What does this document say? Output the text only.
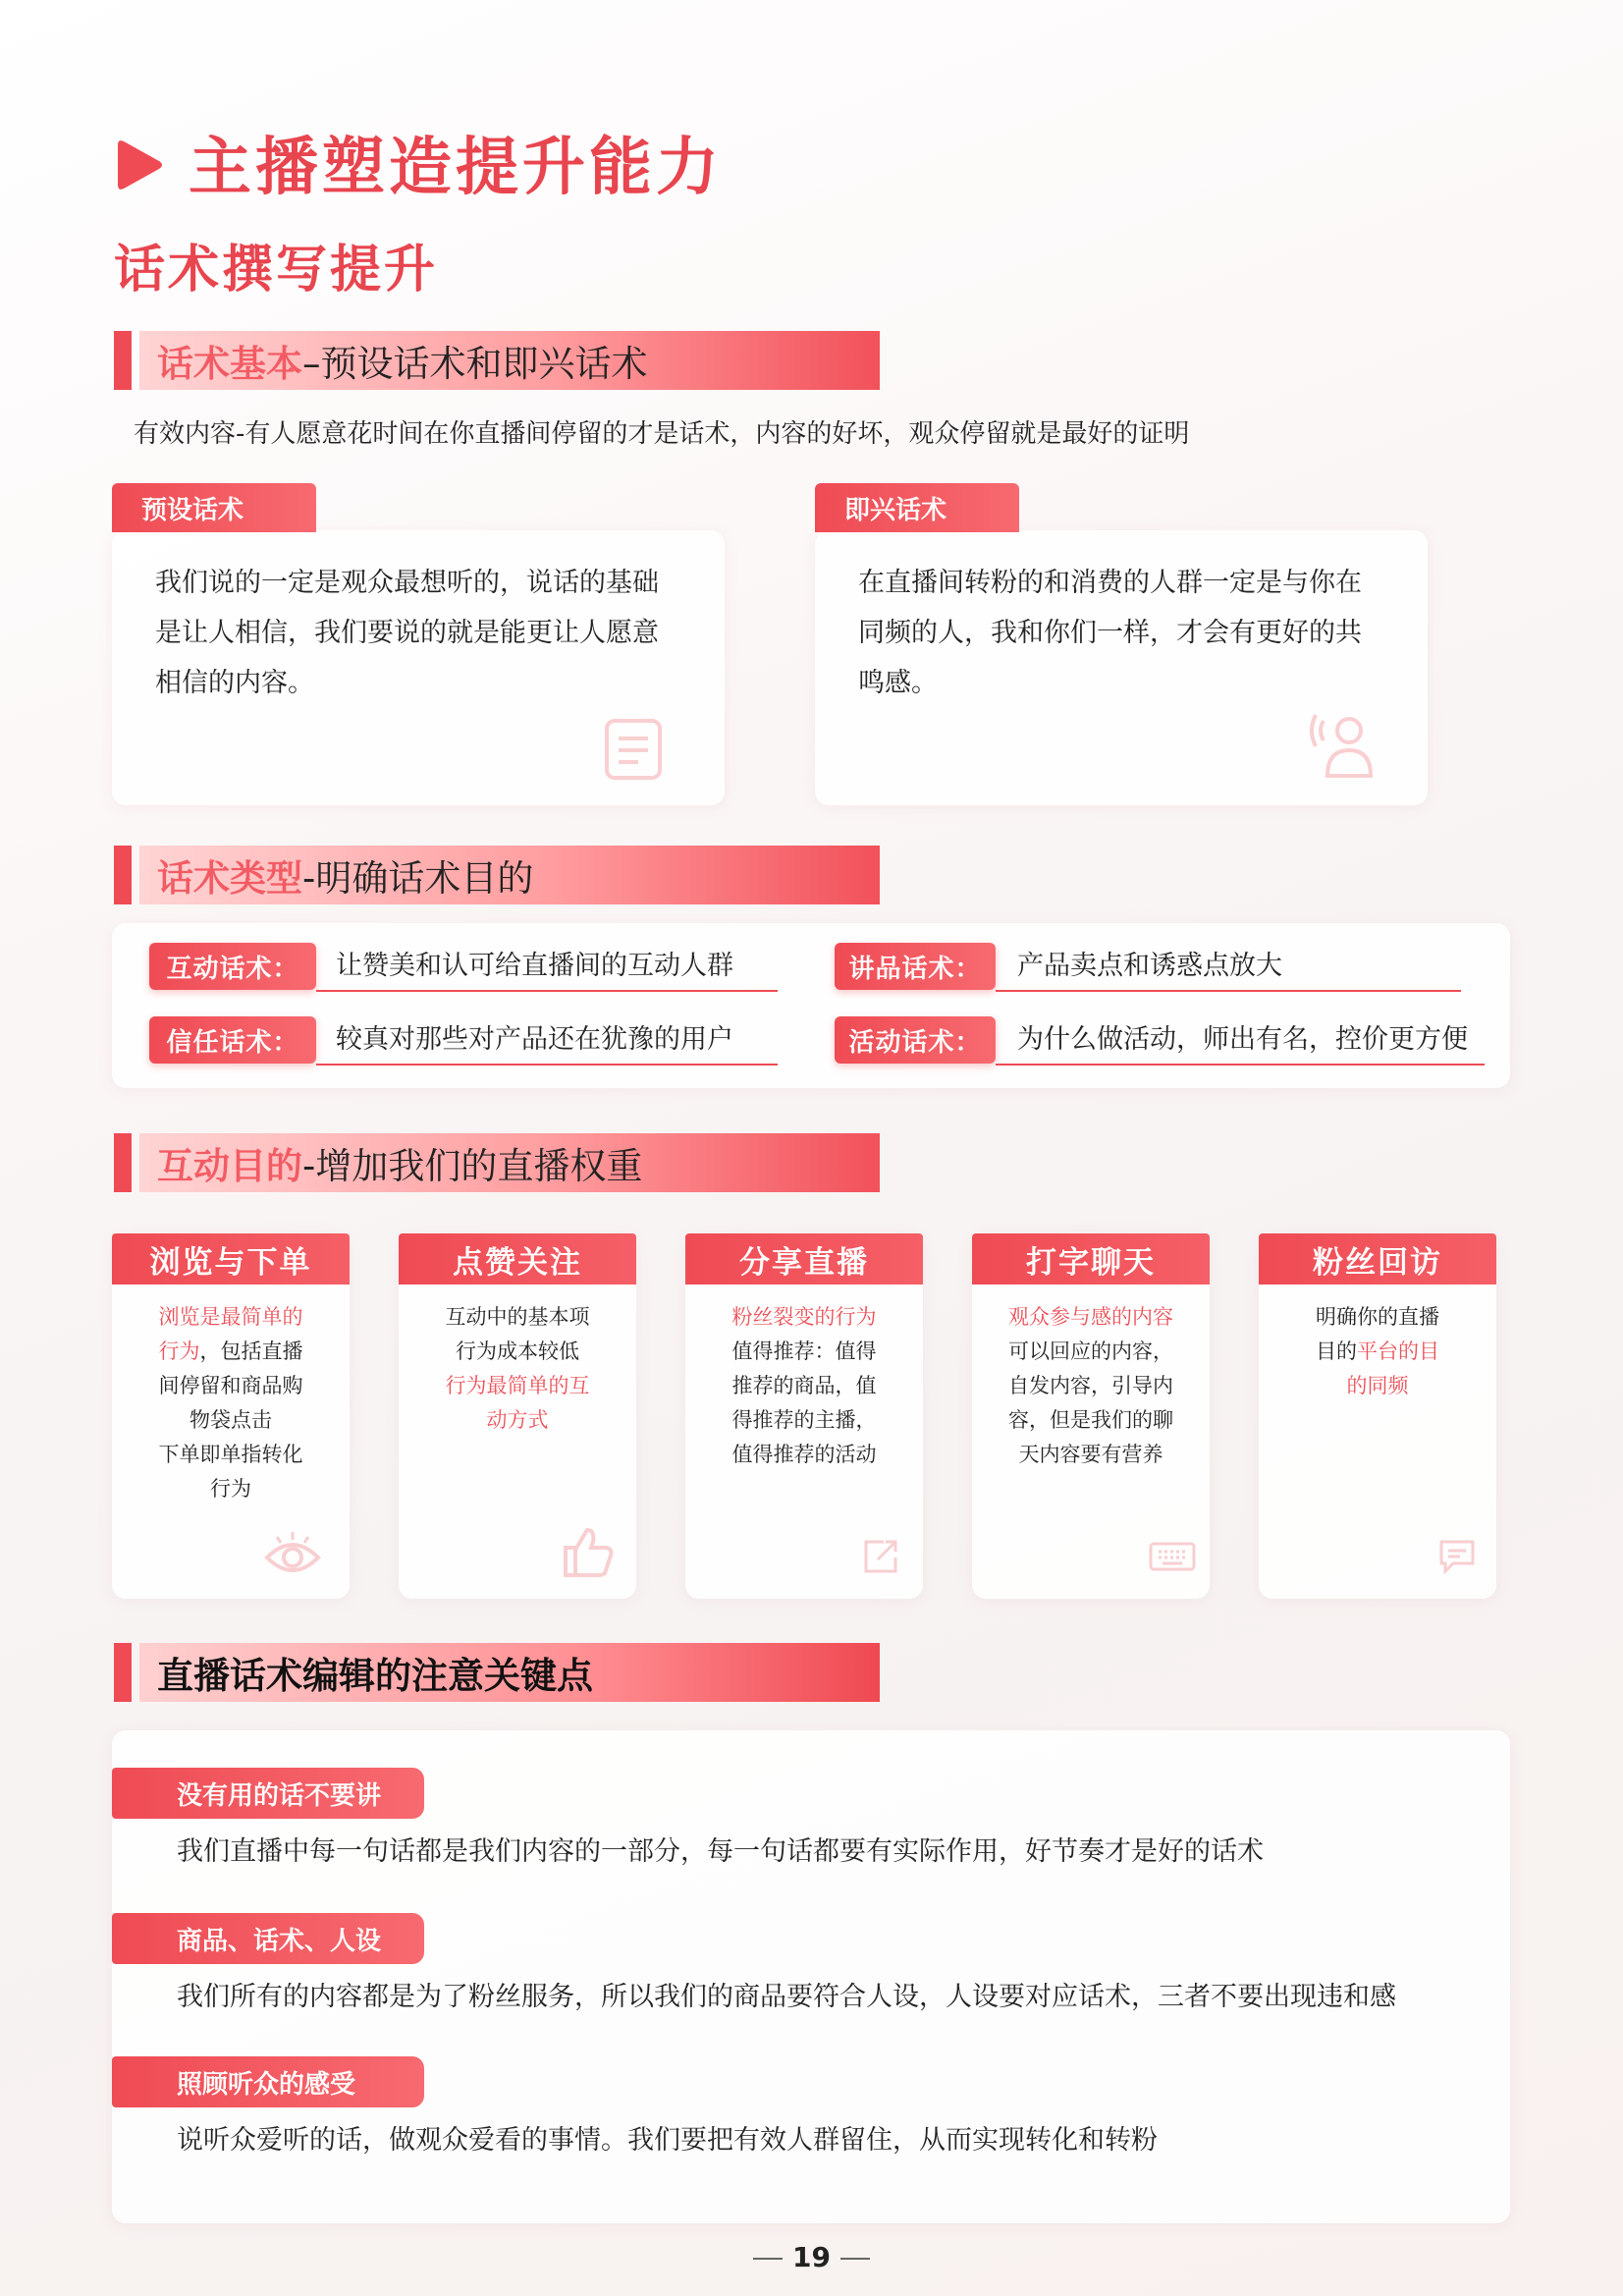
主播塑造提升能力
话术撰写提升
话术基本 –预设话术和即兴话术
有效内容-有人愿意花时间在你直播间停留的才是话术，内容的好坏，观众停留就是最好的证明
预设话术
我们说的一定是观众最想听的，说话的基础
是让人相信，我们要说的就是能更让人愿意
相信的内容。
即兴话术
在直播间转粉的和消费的人群一定是与你在
同频的人，我和你们一样，才会有更好的共
鸣感。
话术类型 -明确话术目的
互动话术：	让赞美和认可给直播间的互动人群	讲品话术：	产品卖点和诱惑点放大
信任话术：	较真对那些对产品还在犹豫的用户	活动话术：	为什么做活动，师出有名，控价更方便
互动目的 -增加我们的直播权重
浏览与下单
浏览是最简单的
行为，包括直播
间停留和商品购
物袋点击
下单即单指转化
行为
点赞关注
互动中的基本项
行为成本较低
行为最简单的互
动方式
分享直播
粉丝裂变的行为
值得推荐：值得
推荐的商品，值
得推荐的主播，
值得推荐的活动
打字聊天
观众参与感的内容
可以回应的内容，
自发内容，引导内
容，但是我们的聊
天内容要有营养
粉丝回访
明确你的直播
目的平台的目
的同频
直播话术编辑的注意关键点
没有用的话不要讲
我们直播中每一句话都是我们内容的一部分，每一句话都要有实际作用，好节奏才是好的话术
商品、话术、人设
我们所有的内容都是为了粉丝服务，所以我们的商品要符合人设，人设要对应话术，三者不要出现违和感
照顾听众的感受
说听众爱听的话，做观众爱看的事情。我们要把有效人群留住，从而实现转化和转粉
19
